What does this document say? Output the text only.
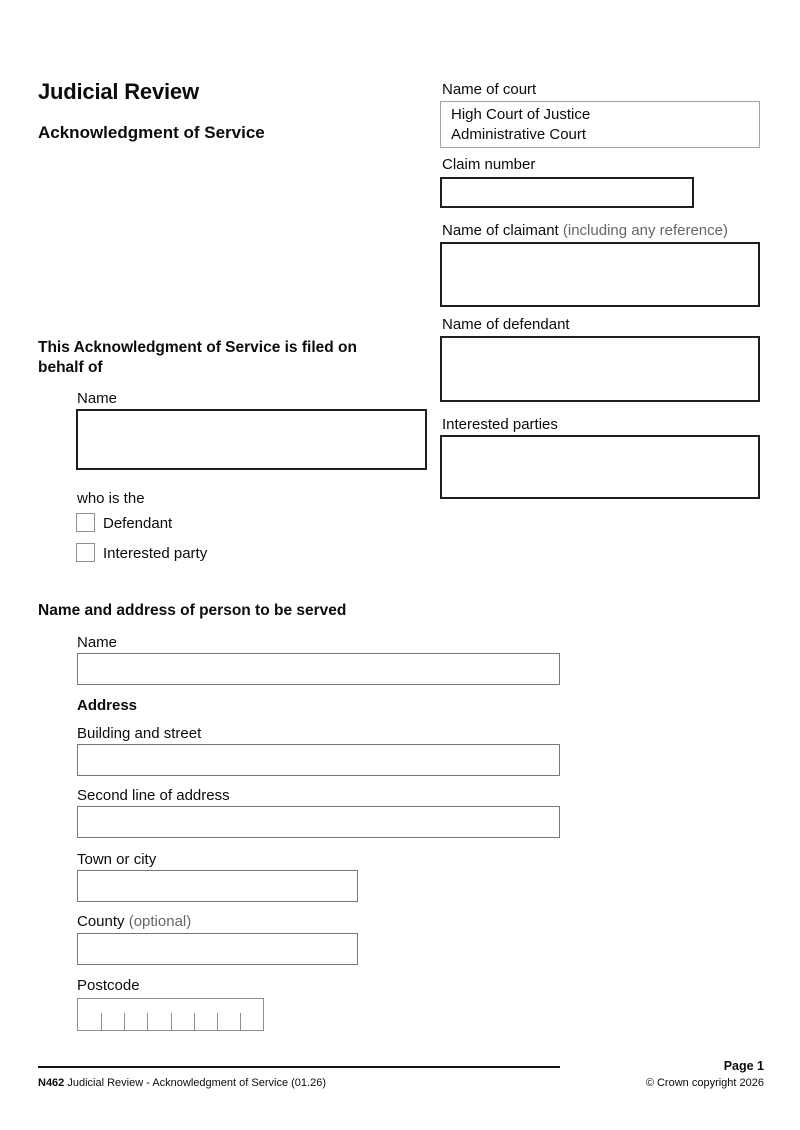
Judicial Review
Acknowledgment of Service
Name of court
High Court of Justice
Administrative Court
Claim number
Name of claimant (including any reference)
Name of defendant
Interested parties
This Acknowledgment of Service is filed on behalf of
Name
who is the
Defendant
Interested party
Name and address of person to be served
Name
Address
Building and street
Second line of address
Town or city
County (optional)
Postcode
N462 Judicial Review - Acknowledgment of Service (01.26)
Page 1
© Crown copyright 2026
